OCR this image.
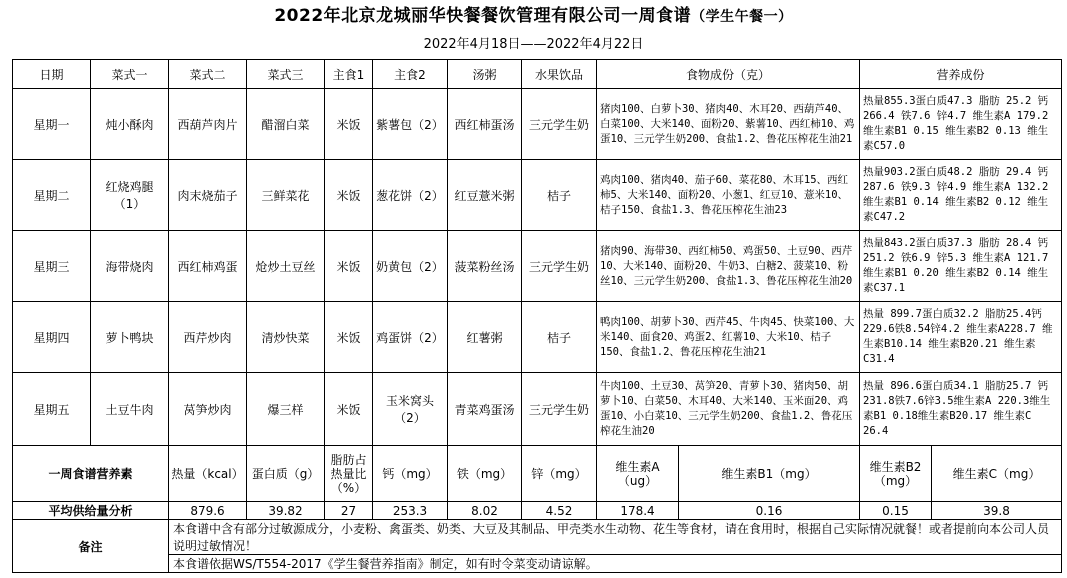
2022年北京龙城丽华快餐餐饮管理有限公司一周食谱（学生午餐一）
2022年4月18日——2022年4月22日
日期	菜式一	菜式二	菜式三	主食1	主食2	汤粥	水果饮品	食物成份（克）		营养成份	
星期一	炖小酥肉	西葫芦肉片	醋溜白菜	米饭	紫薯包（2）	西红柿蛋汤	三元学生奶	猪肉100、白萝卜30、猪肉40、木耳20、西葫芦40、白菜100、大米140、面粉20、紫薯10、西红柿10、鸡蛋10、三元学生奶200、食盐1.2、鲁花压榨花生油21		热量855.3蛋白质47.3 脂肪 25.2 钙266.4 铁7.6 锌4.7 维生素A 179.2维生素B1 0.15 维生素B2 0.13 维生素C57.0	
星期二	红烧鸡腿（1）	肉末烧茄子	三鲜菜花	米饭	葱花饼（2）	红豆薏米粥	桔子	鸡肉100、猪肉40、茄子60、菜花80、木耳15、西红柿5、大米140、面粉20、小葱1、红豆10、薏米10、桔子150、食盐1.3、鲁花压榨花生油23		热量903.2蛋白质48.2 脂肪 29.4 钙287.6 铁9.3 锌4.9 维生素A 132.2维生素B1 0.14 维生素B2 0.12 维生素C47.2	
星期三	海带烧肉	西红柿鸡蛋	炝炒土豆丝	米饭	奶黄包（2）	菠菜粉丝汤	三元学生奶	猪肉90、海带30、西红柿50、鸡蛋50、土豆90、西芹10、大米140、面粉20、牛奶3、白糖2、菠菜10、粉丝10、三元学生奶200、食盐1.3、鲁花压榨花生油20		热量843.2蛋白质37.3 脂肪 28.4 钙251.2 铁6.9 锌5.3 维生素A 121.7维生素B1 0.20 维生素B2 0.14 维生素C37.1	
星期四	萝卜鸭块	西芹炒肉	清炒快菜	米饭	鸡蛋饼（2）	红薯粥	桔子	鸭肉100、胡萝卜30、西芹45、牛肉45、快菜100、大米140、面食20、鸡蛋2、红薯10、大米10、桔子150、食盐1.2、鲁花压榨花生油21		热量 899.7蛋白质32.2 脂肪25.4钙229.6铁8.54锌4.2 维生素A228.7 维生素B10.14 维生素B20.21 维生素C31.4	
星期五	土豆牛肉	莴笋炒肉	爆三样	米饭	玉米窝头（2）	青菜鸡蛋汤	三元学生奶	牛肉100、土豆30、莴笋20、青萝卜30、猪肉50、胡萝卜10、白菜50、木耳40、大米140、玉米面20、鸡蛋10、小白菜10、三元学生奶200、食盐1.2、鲁花压榨花生油20		热量 896.6蛋白质34.1 脂肪25.7 钙231.8铁7.6锌3.5维生素A 220.3维生素B1 0.18维生素B20.17 维生素C 26.4	
一周食谱营养素		热量（kcal）	蛋白质（g）	脂肪占热量比（%）	钙（mg）	铁（mg）	锌（mg）	维生素A（ug）	维生素B1（mg）	维生素B2（mg）	维生素C（mg）
平均供给量分析		879.6	39.82	27	253.3	8.02	4.52	178.4	0.16	0.15	39.8
备注		本食谱中含有部分过敏源成分，小麦粉、禽蛋类、奶类、大豆及其制品、甲壳类水生动物、花生等食材，请在食用时，根据自己实际情况就餐！或者提前向本公司人员说明过敏情况！									
		本食谱依据WS/T554-2017《学生餐营养指南》制定，如有时令菜变动请谅解。									
